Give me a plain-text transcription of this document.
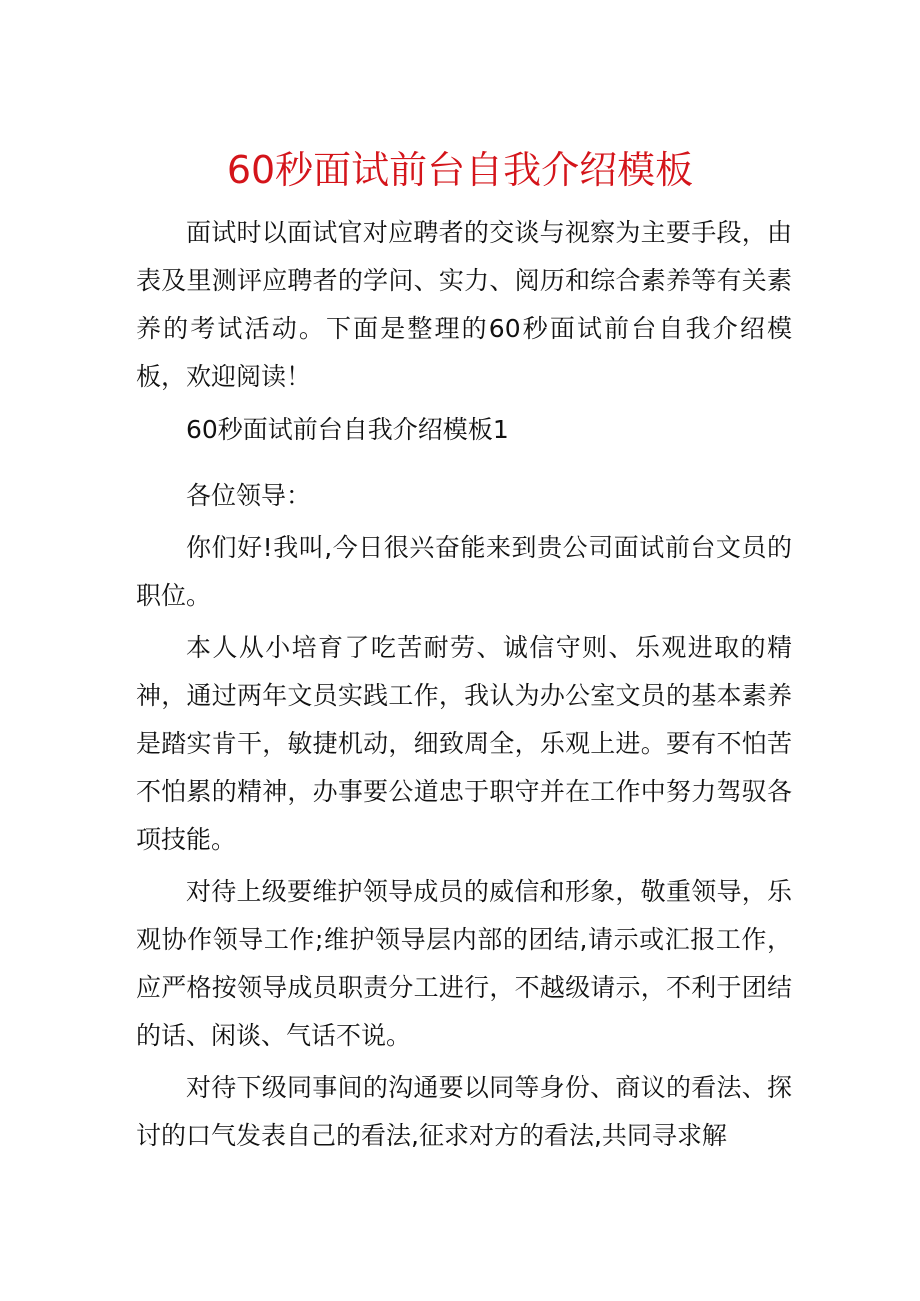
60秒面试前台自我介绍模板

面试时以面试官对应聘者的交谈与视察为主要手段，由表及里测评应聘者的学问、实力、阅历和综合素养等有关素养的考试活动。下面是整理的60秒面试前台自我介绍模板，欢迎阅读！

60秒面试前台自我介绍模板1

各位领导：

你们好!我叫,今日很兴奋能来到贵公司面试前台文员的职位。

本人从小培育了吃苦耐劳、诚信守则、乐观进取的精神，通过两年文员实践工作，我认为办公室文员的基本素养是踏实肯干，敏捷机动，细致周全，乐观上进。要有不怕苦不怕累的精神，办事要公道忠于职守并在工作中努力驾驭各项技能。

对待上级要维护领导成员的威信和形象，敬重领导，乐观协作领导工作;维护领导层内部的团结,请示或汇报工作，应严格按领导成员职责分工进行，不越级请示，不利于团结的话、闲谈、气话不说。

对待下级同事间的沟通要以同等身份、商议的看法、探讨的口气发表自己的看法,征求对方的看法,共同寻求解
